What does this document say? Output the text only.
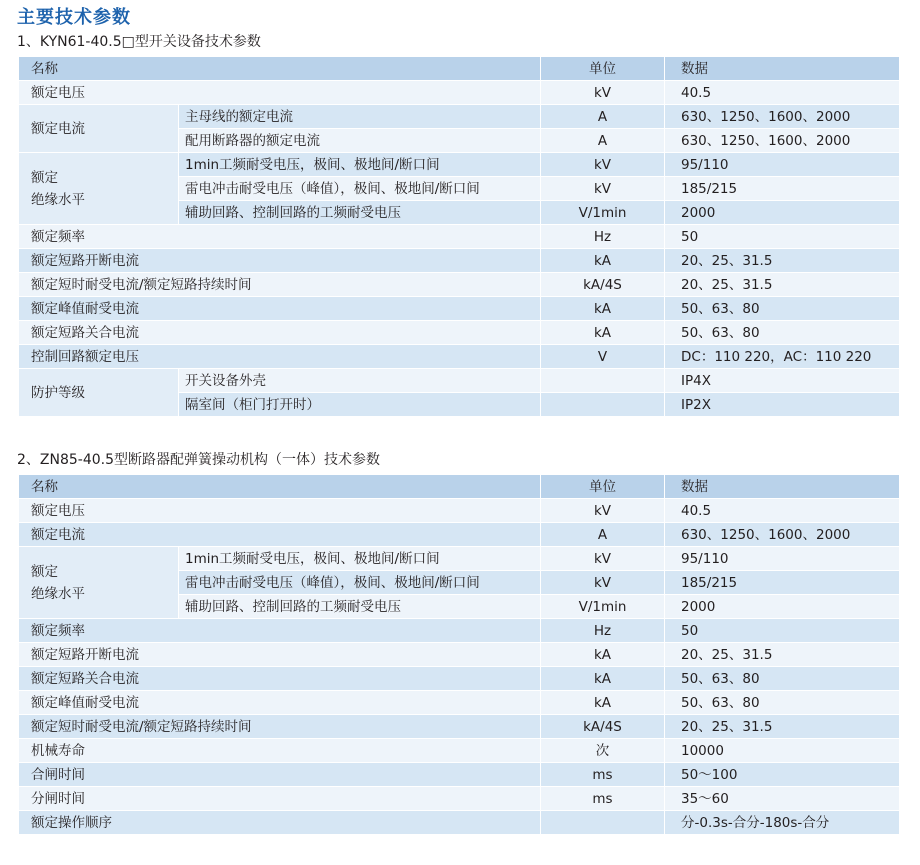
主要技术参数
1、KYN61-40.5□型开关设备技术参数
名称		单位	数据
额定电压		kV	40.5
额定电流	主母线的额定电流	A	630、1250、1600、2000
	配用断路器的额定电流	A	630、1250、1600、2000
额定
绝缘水平	1min工频耐受电压，极间、极地间/断口间	kV	95/110
	雷电冲击耐受电压（峰值），极间、极地间/断口间	kV	185/215
	辅助回路、控制回路的工频耐受电压	V/1min	2000
额定频率		Hz	50
额定短路开断电流		kA	20、25、31.5
额定短时耐受电流/额定短路持续时间		kA/4S	20、25、31.5
额定峰值耐受电流		kA	50、63、80
额定短路关合电流		kA	50、63、80
控制回路额定电压		V	DC：110 220，AC：110 220
防护等级	开关设备外壳		IP4X
	隔室间（柜门打开时）		IP2X
2、ZN85-40.5型断路器配弹簧操动机构（一体）技术参数
名称		单位	数据
额定电压		kV	40.5
额定电流		A	630、1250、1600、2000
额定
绝缘水平	1min工频耐受电压，极间、极地间/断口间	kV	95/110
	雷电冲击耐受电压（峰值），极间、极地间/断口间	kV	185/215
	辅助回路、控制回路的工频耐受电压	V/1min	2000
额定频率		Hz	50
额定短路开断电流		kA	20、25、31.5
额定短路关合电流		kA	50、63、80
额定峰值耐受电流		kA	50、63、80
额定短时耐受电流/额定短路持续时间		kA/4S	20、25、31.5
机械寿命		次	10000
合闸时间		ms	50～100
分闸时间		ms	35～60
额定操作顺序			分-0.3s-合分-180s-合分
